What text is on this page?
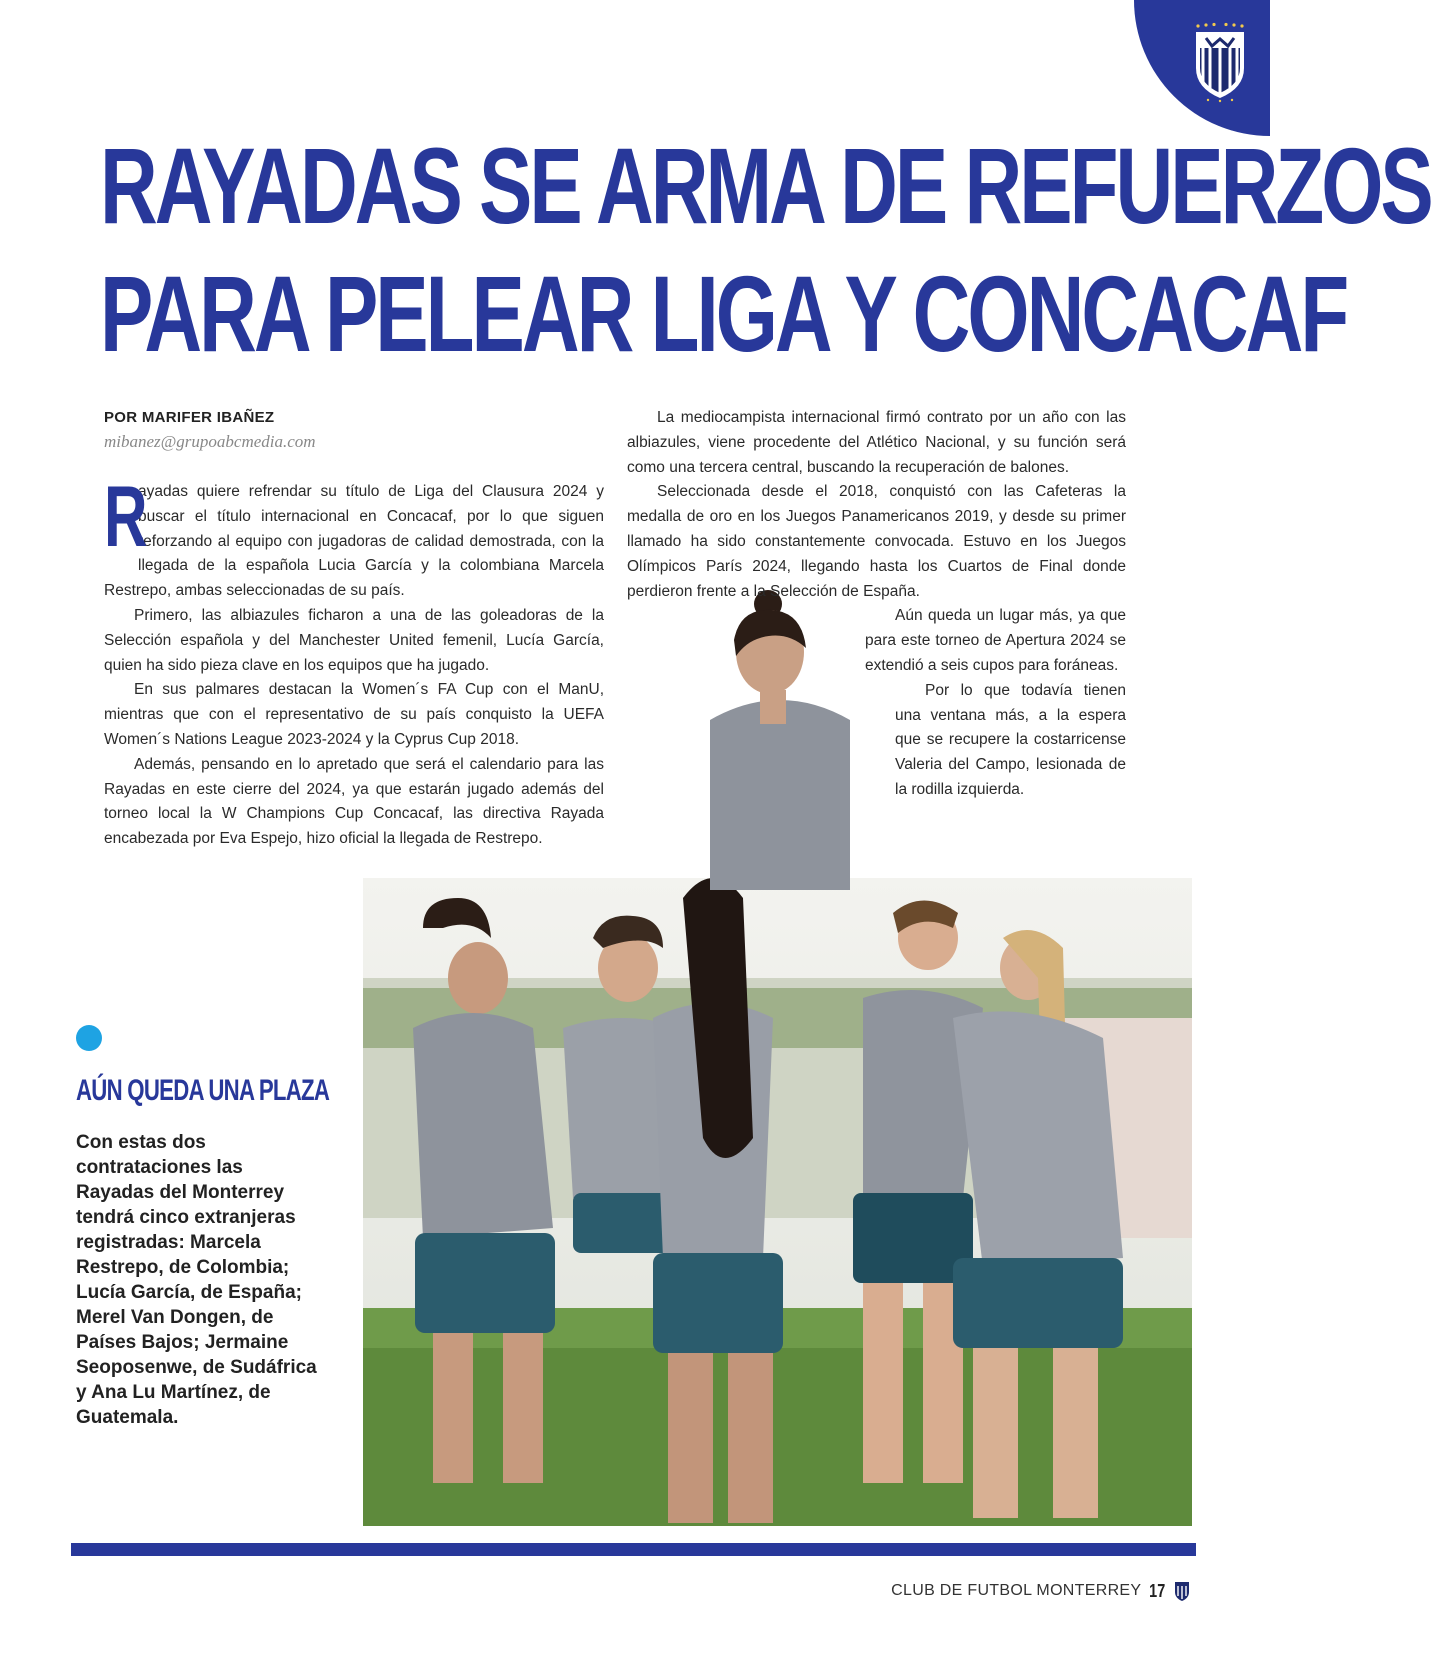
RAYADAS SE ARMA DE REFUERZOS
PARA PELEAR LIGA Y CONCACAF
POR MARIFER IBAÑEZ
mibanez@grupoabcmedia.com

R
ayadas quiere refrendar su título de Liga del Clausura 2024 y buscar el título internacional en Concacaf, por lo que siguen reforzando al equipo con jugadoras de calidad demostrada, con la llegada de la española Lucia García y la colombiana Marcela Restrepo, ambas seleccionadas de su país.

Primero, las albiazules ficharon a una de las goleadoras de la Selección española y del Manchester United femenil, Lucía García, quien ha sido pieza clave en los equipos que ha jugado.

En sus palmares destacan la Women´s FA Cup con el ManU, mientras que con el representativo de su país conquisto la UEFA Women´s Nations League 2023-2024 y la Cyprus Cup 2018.

Además, pensando en lo apretado que será el calendario para las Rayadas en este cierre del 2024, ya que estarán jugado además del torneo local la W Champions Cup Concacaf, las directiva Rayada encabezada por Eva Espejo, hizo oficial la llegada de Restrepo.

La mediocampista internacional firmó contrato por un año con las albiazules, viene procedente del Atlético Nacional, y su función será como una tercera central, buscando la recuperación de balones.

Seleccionada desde el 2018, conquistó con las Cafeteras la medalla de oro en los Juegos Panamericanos 2019, y desde su primer llamado ha sido constantemente convocada. Estuvo en los Juegos Olímpicos París 2024, llegando hasta los Cuartos de Final donde perdieron frente a la Selección de España.

Aún queda un lugar más, ya que para este torneo de Apertura 2024 se extendió a seis cupos para foráneas.

Por lo que todavía tienen una ventana más, a la espera que se recupere la costarricense Valeria del Campo, lesionada de la rodilla izquierda.

AÚN QUEDA UNA PLAZA
Con estas dos contrataciones las Rayadas del Monterrey tendrá cinco extranjeras registradas: Marcela Restrepo, de Colombia; Lucía García, de España; Merel Van Dongen, de Países Bajos; Jermaine Seoposenwe, de Sudáfrica y Ana Lu Martínez, de Guatemala.
CLUB DE FUTBOL MONTERREY 17
